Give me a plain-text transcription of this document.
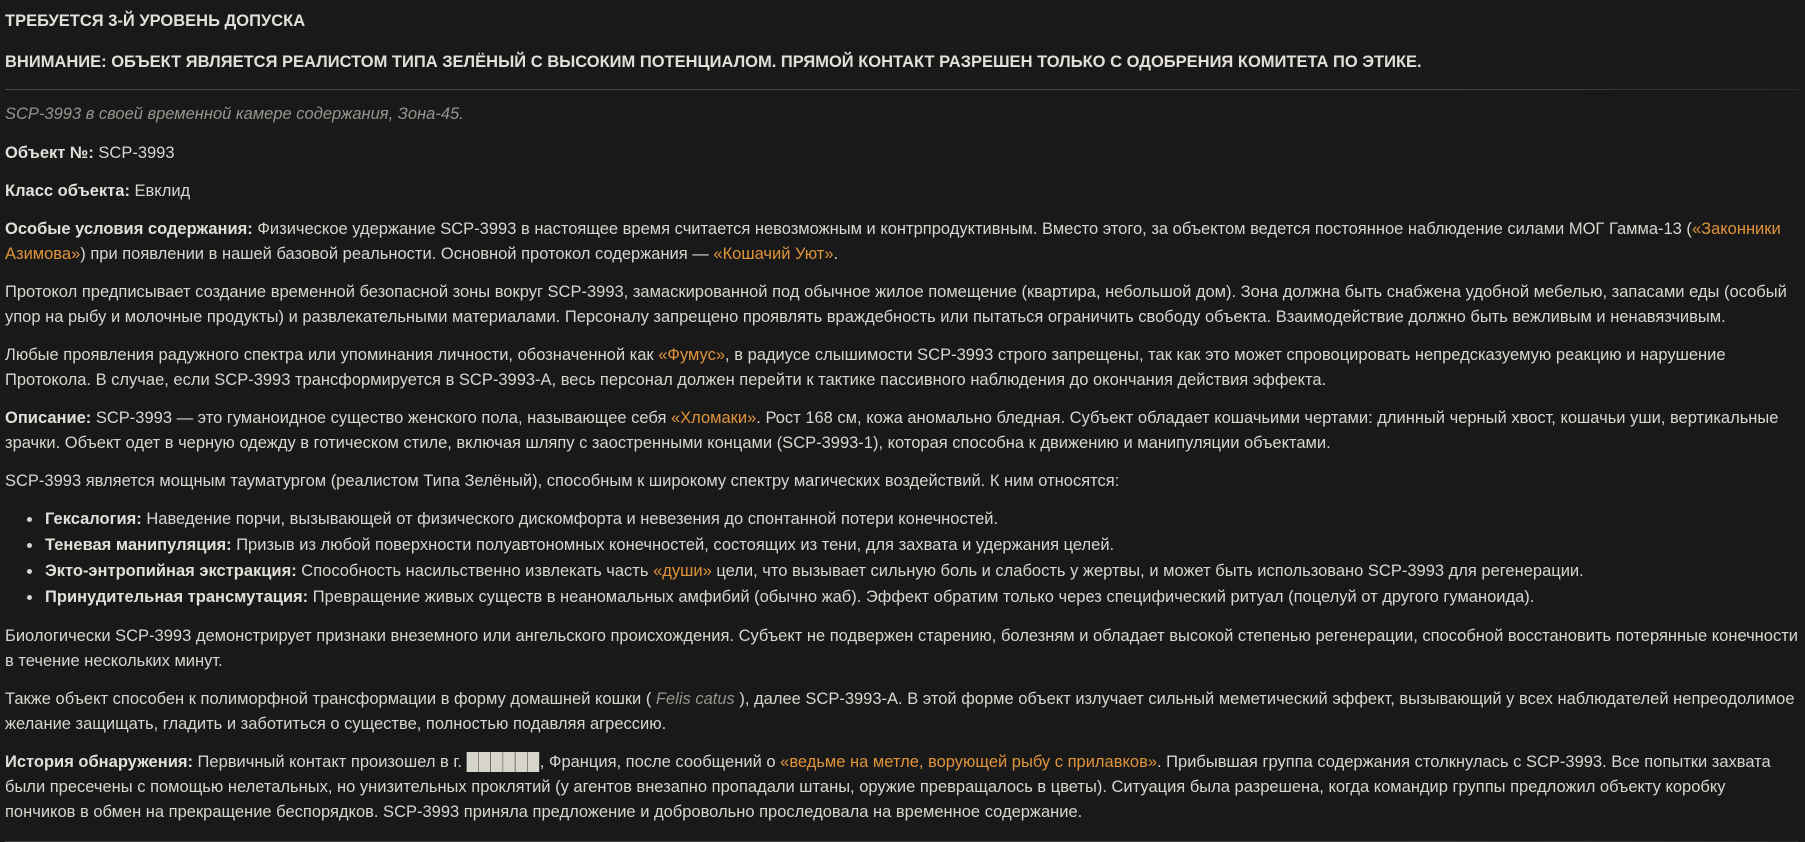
ТРЕБУЕТСЯ 3-Й УРОВЕНЬ ДОПУСКА
ВНИМАНИЕ: ОБЪЕКТ ЯВЛЯЕТСЯ РЕАЛИСТОМ ТИПА ЗЕЛЁНЫЙ С ВЫСОКИМ ПОТЕНЦИАЛОМ. ПРЯМОЙ КОНТАКТ РАЗРЕШЕН ТОЛЬКО С ОДОБРЕНИЯ КОМИТЕТА ПО ЭТИКЕ.
SCP-3993 в своей временной камере содержания, Зона-45.

Объект №: SCP-3993

Класс объекта: Евклид

Особые условия содержания: Физическое удержание SCP-3993 в настоящее время считается невозможным и контрпродуктивным. Вместо этого, за объектом ведется постоянное наблюдение силами МОГ Гамма-13 («Законники Азимова») при появлении в нашей базовой реальности. Основной протокол содержания — «Кошачий Уют».

Протокол предписывает создание временной безопасной зоны вокруг SCP-3993, замаскированной под обычное жилое помещение (квартира, небольшой дом). Зона должна быть снабжена удобной мебелью, запасами еды (особый упор на рыбу и молочные продукты) и развлекательными материалами. Персоналу запрещено проявлять враждебность или пытаться ограничить свободу объекта. Взаимодействие должно быть вежливым и ненавязчивым.

Любые проявления радужного спектра или упоминания личности, обозначенной как «Фумус», в радиусе слышимости SCP-3993 строго запрещены, так как это может спровоцировать непредсказуемую реакцию и нарушение Протокола. В случае, если SCP-3993 трансформируется в SCP-3993-А, весь персонал должен перейти к тактике пассивного наблюдения до окончания действия эффекта.

Описание: SCP-3993 — это гуманоидное существо женского пола, называющее себя «Хломаки». Рост 168 см, кожа аномально бледная. Субъект обладает кошачьими чертами: длинный черный хвост, кошачьи уши, вертикальные зрачки. Объект одет в черную одежду в готическом стиле, включая шляпу с заостренными концами (SCP-3993-1), которая способна к движению и манипуляции объектами.

SCP-3993 является мощным тауматургом (реалистом Типа Зелёный), способным к широкому спектру магических воздействий. К ним относятся:

• Гексалогия: Наведение порчи, вызывающей от физического дискомфорта и невезения до спонтанной потери конечностей.
• Теневая манипуляция: Призыв из любой поверхности полуавтономных конечностей, состоящих из тени, для захвата и удержания целей.
• Экто-энтропийная экстракция: Способность насильственно извлекать часть «души» цели, что вызывает сильную боль и слабость у жертвы, и может быть использовано SCP-3993 для регенерации.
• Принудительная трансмутация: Превращение живых существ в неаномальных амфибий (обычно жаб). Эффект обратим только через специфический ритуал (поцелуй от другого гуманоида).

Биологически SCP-3993 демонстрирует признаки внеземного или ангельского происхождения. Субъект не подвержен старению, болезням и обладает высокой степенью регенерации, способной восстановить потерянные конечности в течение нескольких минут.

Также объект способен к полиморфной трансформации в форму домашней кошки ( Felis catus ), далее SCP-3993-А. В этой форме объект излучает сильный меметический эффект, вызывающий у всех наблюдателей непреодолимое желание защищать, гладить и заботиться о существе, полностью подавляя агрессию.

История обнаружения: Первичный контакт произошел в г. ██████, Франция, после сообщений о «ведьме на метле, ворующей рыбу с прилавков». Прибывшая группа содержания столкнулась с SCP-3993. Все попытки захвата были пресечены с помощью нелетальных, но унизительных проклятий (у агентов внезапно пропадали штаны, оружие превращалось в цветы). Ситуация была разрешена, когда командир группы предложил объекту коробку пончиков в обмен на прекращение беспорядков. SCP-3993 приняла предложение и добровольно проследовала на временное содержание.
